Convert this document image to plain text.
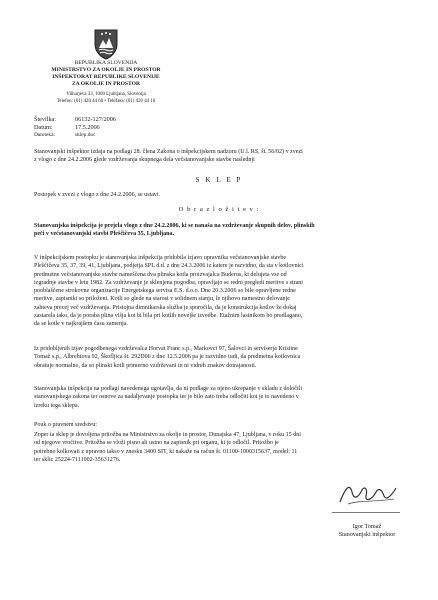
REPUBLIKA SLOVENIJA
MINISTRSTVO ZA OKOLJE IN PROSTOR
INŠPEKTORAT REPUBLIKE SLOVENIJE
ZA OKOLJE IN PROSTOR
Vilharjeva 33, 1000 Ljubljana, Slovenija
Telefon: (01) 420 44 60 • Telefaks: (01) 420 44 10
Številka:	06132-127/2006
Datum:	17.5.2006
Datoteka:	sklep.doc
Stanovanjski inšpektor izdaja na podlagi 28. člena Zakona o inšpekcijskem nadzoru (U.l. RS, št. 56/02) v zvezi
z vlogo z dne 24.2.2006 glede vzdrževanja skupnega dela večstanovanjske stavbe naslednji
S K L E P
Postopek v zvezi z vlogo z dne 24.2.2006, se ustavi.
O b r a z l o ž i t e v :
Stanovanjska inšpekcija je prejela vlogo z dne 24.2.2006, ki se nanaša na vzdrževanje skupnih delov, plinskih
peči v večstanovanjski stavbi Pleščičeva 35, Ljubljana.
V inšpekcijskem postopku je stanovanjska inšpekcija pridobila izjavo upravnika večstanovanjske stavbe
Pleščičeva 35, 37, 39, 41, Ljubljana, podjetja SPL d.d. z dne 24.3.2006 iz katere je razvidno, da sta v kotlovnici
predmetne večstanovanjske stavbe nameščena dva plinska kotla proizvajalca Buderus, ki delujeta vse od
izgradnje stavbe v letu 1982. Za vzdrževanje je sklenjena pogodba, opravljajo se redni pregledi meritve s strani
pooblaščene strokovne organizacije Energetskega servisa E.S. d.o.o. Dne 20.3.2006 so bile opravljene redne
meritve, zapisniki so priloženi. Kotli so glede na starost v solidnem stanju, le njihovo namestno delovanje
zahteva precej več vzdrževanja. Pristojna dimnikarska služba je sporočila, da je konstrukcija kotlov že dokaj
zastarela tako, da je poraba plina višja kot bi bila pri kotlih novejše izvedbe. Etažnim lastnikom bo predlagano,
da se kotle v najkrajšem času zamenja.
Iz pridobljenih izjav pogodbenega vzdrževalca Horvat Franc s.p., Markovci 97, Šalovci in serviserja Kristine
Tomaž s.p., Albrehtova 92, Škofljica št. 292D06 z dne 12.5.2006 pa je razvidno tudi, da predmetna kotlovnica
obratuje normalno, da so plinski kotli primerno vzdrževani in ni vidnih znakov dotrajanosti.
Stanovanjska inšpekcija na podlagi navedenega ugotavlja, da ni podlage za njeno ukrepanje v skladu z določili
stanovanjskega zakona ter osnove za nadaljevanje postopka ter je bilo zato treba odločiti kot je to navedeno v
izreku tega sklepa.
Pouk o pravnem sredstvu:
Zoper ta sklep je dovoljena pritožba na Ministrstvo za okolje in prostor, Dunajska 47, Ljubljana, v roku 15 dni
od njegove vročitve. Pritožba se vloži pisno ali ustno na zapisnik pri organu, ki je odločil. Pritožbo je
potrebno kolkovati z upravno takso v znesku 3400 SIT, ki nakaže na račun št. 01100-1000315637, model: 11
ter sklic 25224-7111002-35631276.
Igor Tomaž
Stanovanjski inšpektor
